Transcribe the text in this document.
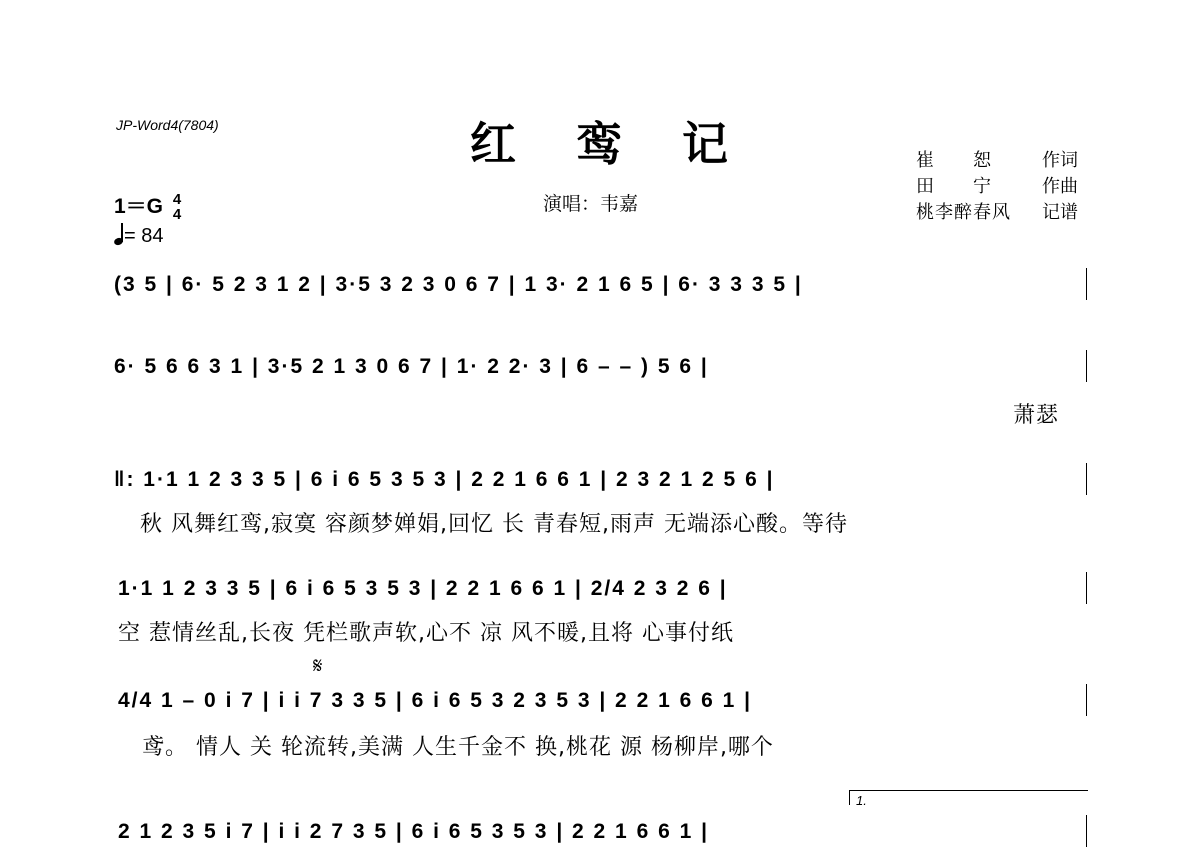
JP-Word4(7804)	红 鸾 记
演唱：韦嘉
崔　　恕	作词
田　　宁	作曲
桃李醉春风 记谱
1＝G 4
4
= 84
(3 5 | 6· 5 2 3 1 2 | 3·5 3 2 3 0 6 7 | 1 3· 2 1 6 5 | 6· 3 3 3 5 |
6· 5 6 6 3 1 | 3·5 2 1 3 0 6 7 | 1· 2 2· 3 | 6 – – ) 5 6 |
萧瑟
‖: 1·1 1 2 3 3 5 | 6 i 6 5 3 5 3 | 2 2 1 6 6 1 | 2 3 2 1 2 5 6 |
秋 风舞红鸾,寂寞 容颜梦婵娟,回忆 长 青春短,雨声 无端添心酸。等待
1·1 1 2 3 3 5 | 6 i 6 5 3 5 3 | 2 2 1 6 6 1 | 2/4 2 3 2 6 |
空 惹情丝乱,长夜 凭栏歌声软,心不 凉 风不暖,且将 心事付纸
𝄋
4/4 1 – 0 i 7 | i i 7 3 3 5 | 6 i 6 5 3 2 3 5 3 | 2 2 1 6 6 1 |
鸢。 情人 关 轮流转,美满 人生千金不 换,桃花 源 杨柳岸,哪个
1.
2 1 2 3 5 i 7 | i i 2 7 3 5 | 6 i 6 5 3 5 3 | 2 2 1 6 6 1 |
